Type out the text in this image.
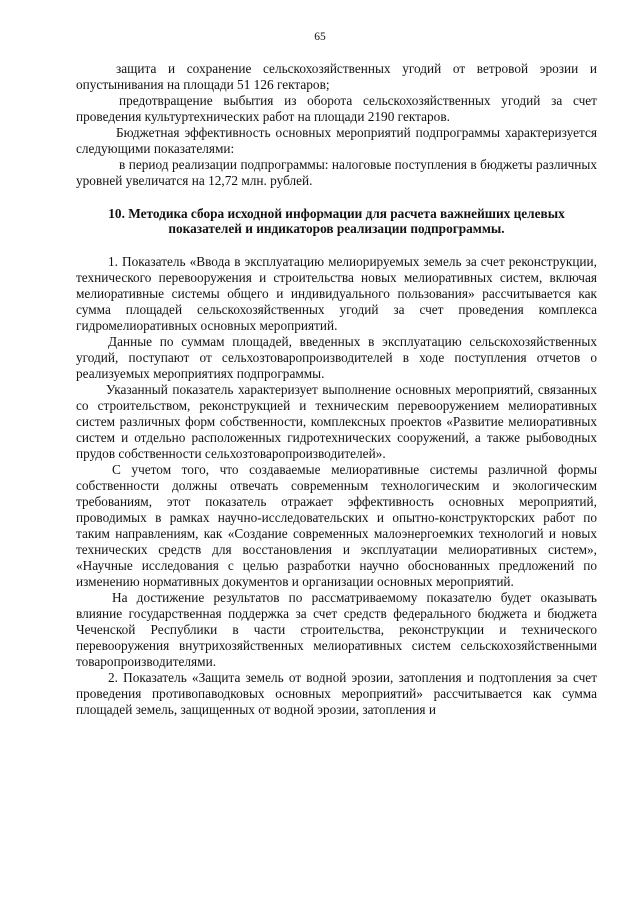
65

защита и сохранение сельскохозяйственных угодий от ветровой эрозии и опустынивания на площади 51 126 гектаров;

предотвращение выбытия из оборота сельскохозяйственных угодий за счет проведения культуртехнических работ на площади 2190 гектаров.

Бюджетная эффективность основных мероприятий подпрограммы характеризуется следующими показателями:

в период реализации подпрограммы: налоговые поступления в бюджеты различных уровней увеличатся на 12,72 млн. рублей.

10. Методика сбора исходной информации для расчета важнейших целевых показателей и индикаторов реализации подпрограммы.

1. Показатель «Ввода в эксплуатацию мелиорируемых земель за счет реконструкции, технического перевооружения и строительства новых мелиоративных систем, включая мелиоративные системы общего и индивидуального пользования» рассчитывается как сумма площадей сельскохозяйственных угодий за счет проведения комплекса гидромелиоративных основных мероприятий.

Данные по суммам площадей, введенных в эксплуатацию сельскохозяйственных угодий, поступают от сельхозтоваропроизводителей в ходе поступления отчетов о реализуемых мероприятиях подпрограммы.

Указанный показатель характеризует выполнение основных мероприятий, связанных со строительством, реконструкцией и техническим перевооружением мелиоративных систем различных форм собственности, комплексных проектов «Развитие мелиоративных систем и отдельно расположенных гидротехнических сооружений, а также рыбоводных прудов собственности сельхозтоваропроизводителей».

С учетом того, что создаваемые мелиоративные системы различной формы собственности должны отвечать современным технологическим и экологическим требованиям, этот показатель отражает эффективность основных мероприятий, проводимых в рамках научно-исследовательских и опытно-конструкторских работ по таким направлениям, как «Создание современных малоэнергоемких технологий и новых технических средств для восстановления и эксплуатации мелиоративных систем», «Научные исследования с целью разработки научно обоснованных предложений по изменению нормативных документов и организации основных мероприятий.

На достижение результатов по рассматриваемому показателю будет оказывать влияние государственная поддержка за счет средств федерального бюджета и бюджета Чеченской Республики в части строительства, реконструкции и технического перевооружения внутрихозяйственных мелиоративных систем сельскохозяйственными товаропроизводителями.

2. Показатель «Защита земель от водной эрозии, затопления и подтопления за счет проведения противопаводковых основных мероприятий» рассчитывается как сумма площадей земель, защищенных от водной эрозии, затопления и
